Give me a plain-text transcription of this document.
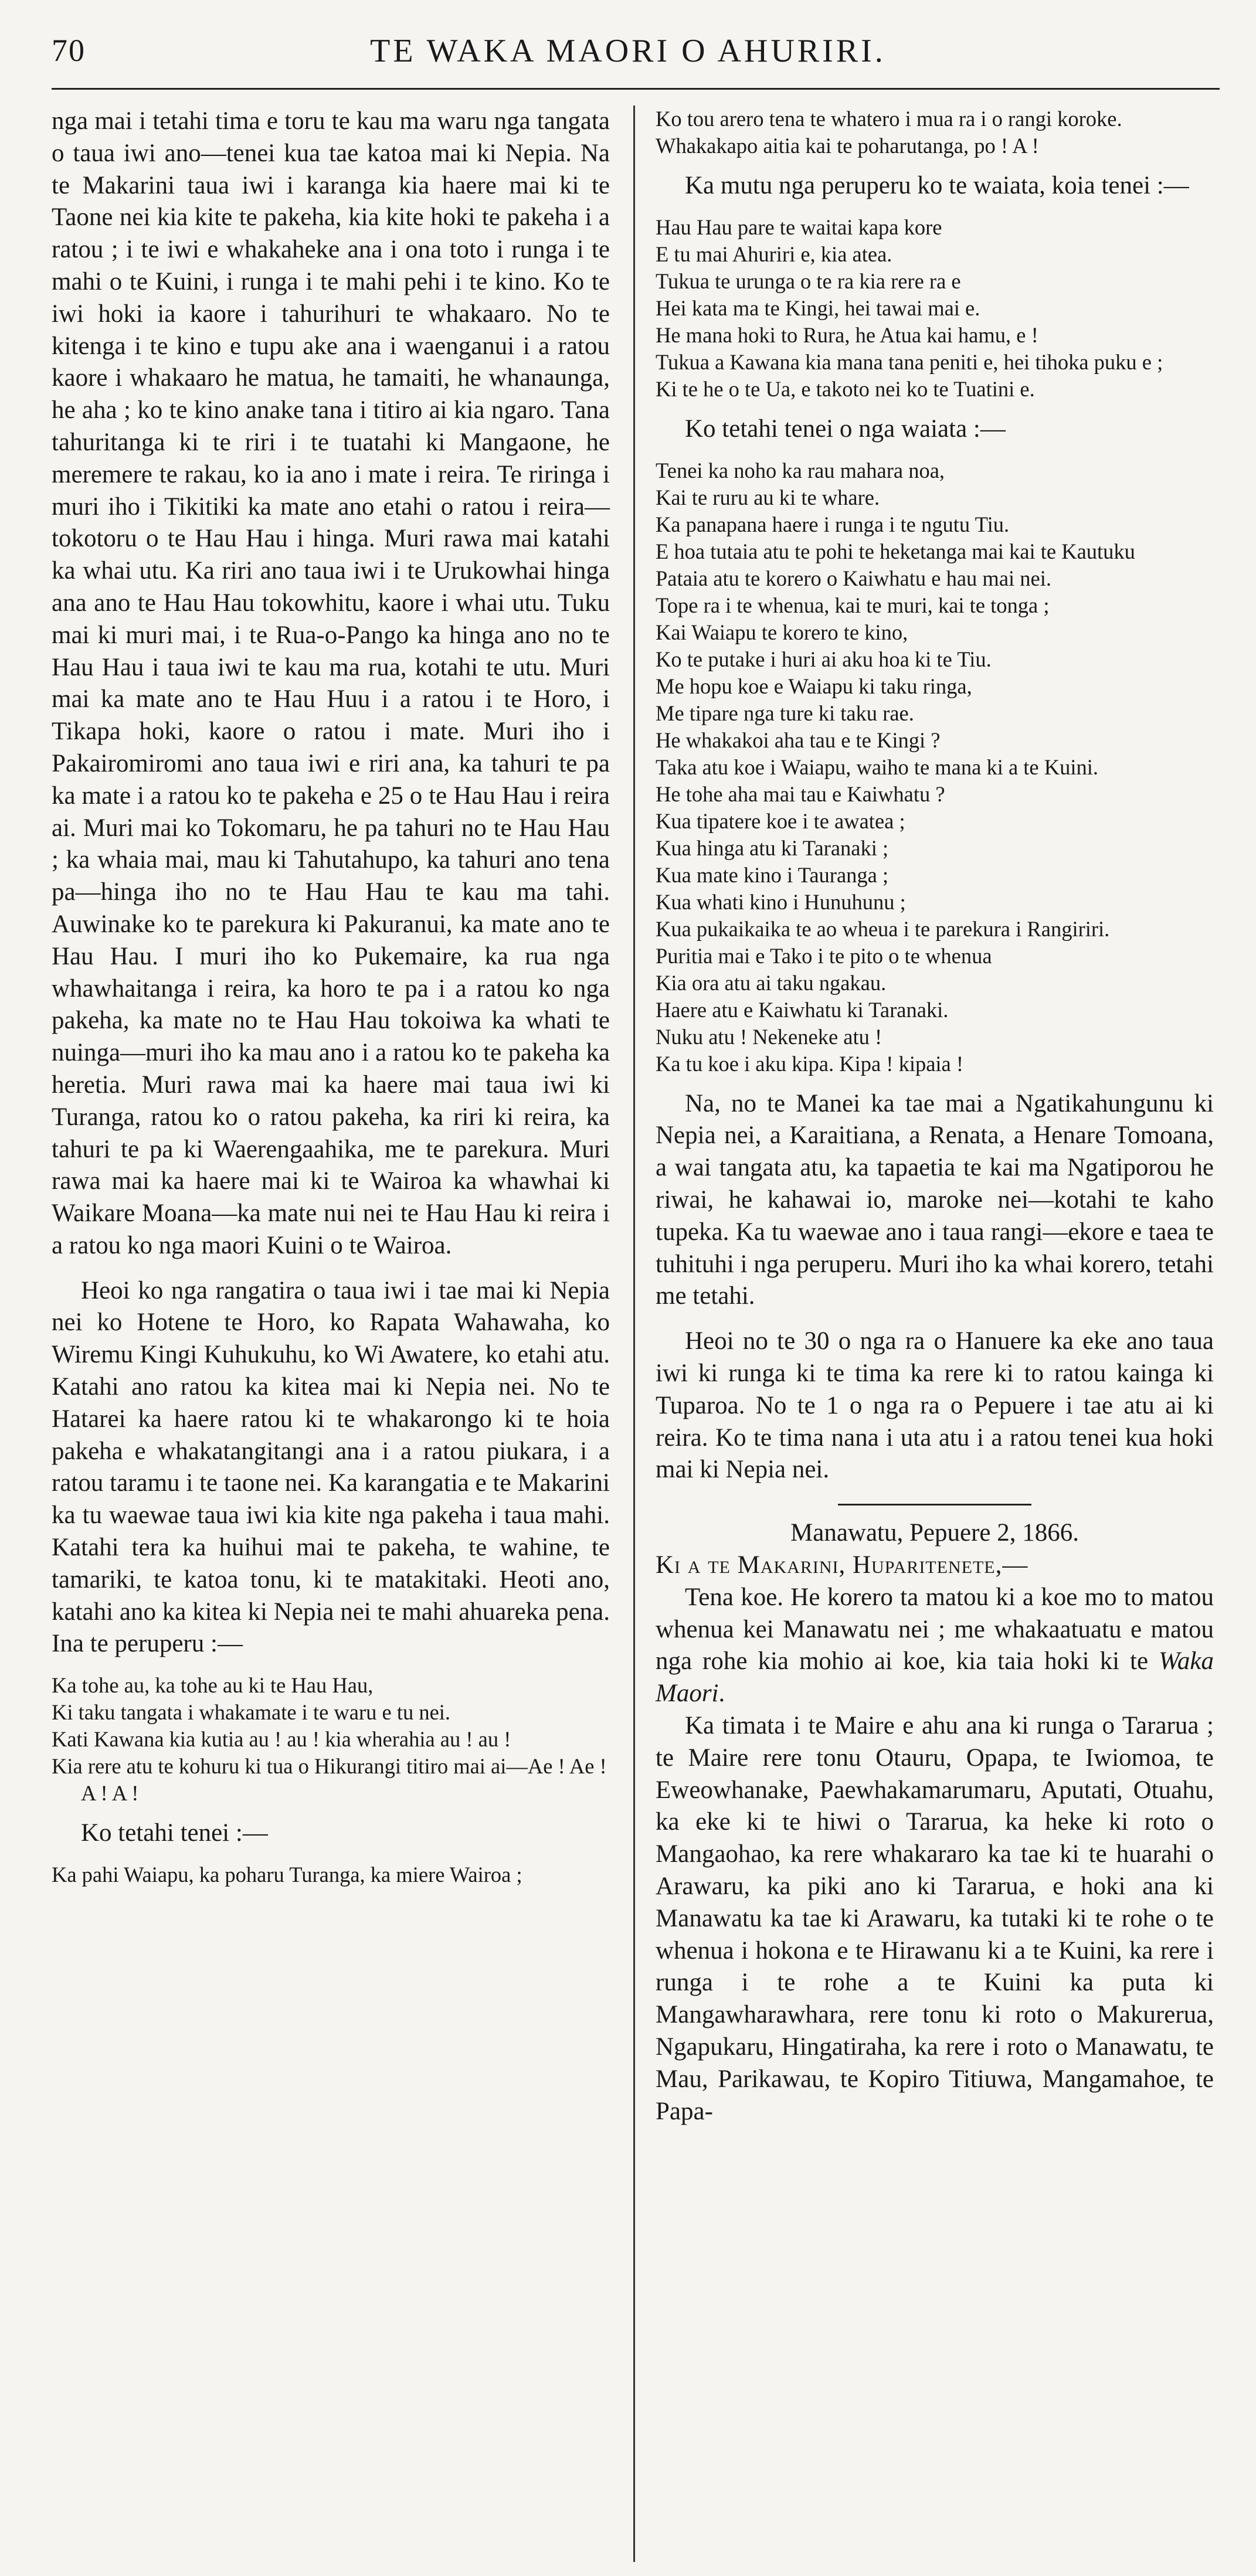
70	TE WAKA MAORI O AHURIRI.

nga mai i tetahi tima e toru te kau ma waru nga tangata o taua iwi ano—tenei kua tae katoa mai ki Nepia. Na te Makarini taua iwi i karanga kia haere mai ki te Taone nei kia kite te pakeha, kia kite hoki te pakeha i a ratou ; i te iwi e whakaheke ana i ona toto i runga i te mahi o te Kuini, i runga i te mahi pehi i te kino. Ko te iwi hoki ia kaore i tahurihuri te whakaaro. No te kitenga i te kino e tupu ake ana i waenganui i a ratou kaore i whakaaro he matua, he tamaiti, he whanaunga, he aha ; ko te kino anake tana i titiro ai kia ngaro. Tana tahuritanga ki te riri i te tuatahi ki Mangaone, he meremere te rakau, ko ia ano i mate i reira. Te riringa i muri iho i Tikitiki ka mate ano etahi o ratou i reira—tokotoru o te Hau Hau i hinga. Muri rawa mai katahi ka whai utu. Ka riri ano taua iwi i te Urukowhai hinga ana ano te Hau Hau tokowhitu, kaore i whai utu. Tuku mai ki muri mai, i te Rua-o-Pango ka hinga ano no te Hau Hau i taua iwi te kau ma rua, kotahi te utu. Muri mai ka mate ano te Hau Huu i a ratou i te Horo, i Tikapa hoki, kaore o ratou i mate. Muri iho i Pakairomiromi ano taua iwi e riri ana, ka tahuri te pa ka mate i a ratou ko te pakeha e 25 o te Hau Hau i reira ai. Muri mai ko Tokomaru, he pa tahuri no te Hau Hau ; ka whaia mai, mau ki Tahutahupo, ka tahuri ano tena pa—hinga iho no te Hau Hau te kau ma tahi. Auwinake ko te parekura ki Pakuranui, ka mate ano te Hau Hau. I muri iho ko Pukemaire, ka rua nga whawhaitanga i reira, ka horo te pa i a ratou ko nga pakeha, ka mate no te Hau Hau tokoiwa ka whati te nuinga—muri iho ka mau ano i a ratou ko te pakeha ka heretia. Muri rawa mai ka haere mai taua iwi ki Turanga, ratou ko o ratou pakeha, ka riri ki reira, ka tahuri te pa ki Waerengaahika, me te parekura. Muri rawa mai ka haere mai ki te Wairoa ka whawhai ki Waikare Moana—ka mate nui nei te Hau Hau ki reira i a ratou ko nga maori Kuini o te Wairoa.

Heoi ko nga rangatira o taua iwi i tae mai ki Nepia nei ko Hotene te Horo, ko Rapata Wahawaha, ko Wiremu Kingi Kuhukuhu, ko Wi Awatere, ko etahi atu. Katahi ano ratou ka kitea mai ki Nepia nei. No te Hatarei ka haere ratou ki te whakarongo ki te hoia pakeha e whakatangitangi ana i a ratou piukara, i a ratou taramu i te taone nei. Ka karangatia e te Makarini ka tu waewae taua iwi kia kite nga pakeha i taua mahi. Katahi tera ka huihui mai te pakeha, te wahine, te tamariki, te katoa tonu, ki te matakitaki. Heoti ano, katahi ano ka kitea ki Nepia nei te mahi ahuareka pena. Ina te peruperu :—

Ka tohe au, ka tohe au ki te Hau Hau,
Ki taku tangata i whakamate i te waru e tu nei.
Kati Kawana kia kutia au ! au ! kia wherahia au ! au !
Kia rere atu te kohuru ki tua o Hikurangi titiro mai ai—Ae ! Ae ! A ! A !
Ko tetahi tenei :—
Ka pahi Waiapu, ka poharu Turanga, ka miere Wairoa ;
Ko tou arero tena te whatero i mua ra i o rangi koroke.
Whakakapo aitia kai te poharutanga, po ! A !
Ka mutu nga peruperu ko te waiata, koia tenei :—
Hau Hau pare te waitai kapa kore
E tu mai Ahuriri e, kia atea.
Tukua te urunga o te ra kia rere ra e
Hei kata ma te Kingi, hei tawai mai e.
He mana hoki to Rura, he Atua kai hamu, e !
Tukua a Kawana kia mana tana peniti e, hei tihoka puku e ;
Ki te he o te Ua, e takoto nei ko te Tuatini e.
Ko tetahi tenei o nga waiata :—
Tenei ka noho ka rau mahara noa,
Kai te ruru au ki te whare.
Ka panapana haere i runga i te ngutu Tiu.
E hoa tutaia atu te pohi te heketanga mai kai te Kautuku
Pataia atu te korero o Kaiwhatu e hau mai nei.
Tope ra i te whenua, kai te muri, kai te tonga ;
Kai Waiapu te korero te kino,
Ko te putake i huri ai aku hoa ki te Tiu.
Me hopu koe e Waiapu ki taku ringa,
Me tipare nga ture ki taku rae.
He whakakoi aha tau e te Kingi ?
Taka atu koe i Waiapu, waiho te mana ki a te Kuini.
He tohe aha mai tau e Kaiwhatu ?
Kua tipatere koe i te awatea ;
Kua hinga atu ki Taranaki ;
Kua mate kino i Tauranga ;
Kua whati kino i Hunuhunu ;
Kua pukaikaika te ao wheua i te parekura i Rangiriri.
Puritia mai e Tako i te pito o te whenua
Kia ora atu ai taku ngakau.
Haere atu e Kaiwhatu ki Taranaki.
Nuku atu ! Nekeneke atu !
Ka tu koe i aku kipa. Kipa ! kipaia !

Na, no te Manei ka tae mai a Ngatikahungunu ki Nepia nei, a Karaitiana, a Renata, a Henare Tomoana, a wai tangata atu, ka tapaetia te kai ma Ngatiporou he riwai, he kahawai io, maroke nei—kotahi te kaho tupeka. Ka tu waewae ano i taua rangi—ekore e taea te tuhituhi i nga peruperu. Muri iho ka whai korero, tetahi me tetahi.

Heoi no te 30 o nga ra o Hanuere ka eke ano taua iwi ki runga ki te tima ka rere ki to ratou kainga ki Tuparoa. No te 1 o nga ra o Pepuere i tae atu ai ki reira. Ko te tima nana i uta atu i a ratou tenei kua hoki mai ki Nepia nei.

Manawatu, Pepuere 2, 1866.

Ki a te Makarini, Huparitenete,—

Tena koe. He korero ta matou ki a koe mo to matou whenua kei Manawatu nei ; me whakaatuatu e matou nga rohe kia mohio ai koe, kia taia hoki ki te Waka Maori.

Ka timata i te Maire e ahu ana ki runga o Tararua ; te Maire rere tonu Otauru, Opapa, te Iwiomoa, te Eweowhanake, Paewhakamarumaru, Aputati, Otuahu, ka eke ki te hiwi o Tararua, ka heke ki roto o Mangaohao, ka rere whakararo ka tae ki te huarahi o Arawaru, ka piki ano ki Tararua, e hoki ana ki Manawatu ka tae ki Arawaru, ka tutaki ki te rohe o te whenua i hokona e te Hirawanu ki a te Kuini, ka rere i runga i te rohe a te Kuini ka puta ki Mangawharawhara, rere tonu ki roto o Makurerua, Ngapukaru, Hingatiraha, ka rere i roto o Manawatu, te Mau, Parikawau, te Kopiro Titiuwa, Mangamahoe, te Papa-
